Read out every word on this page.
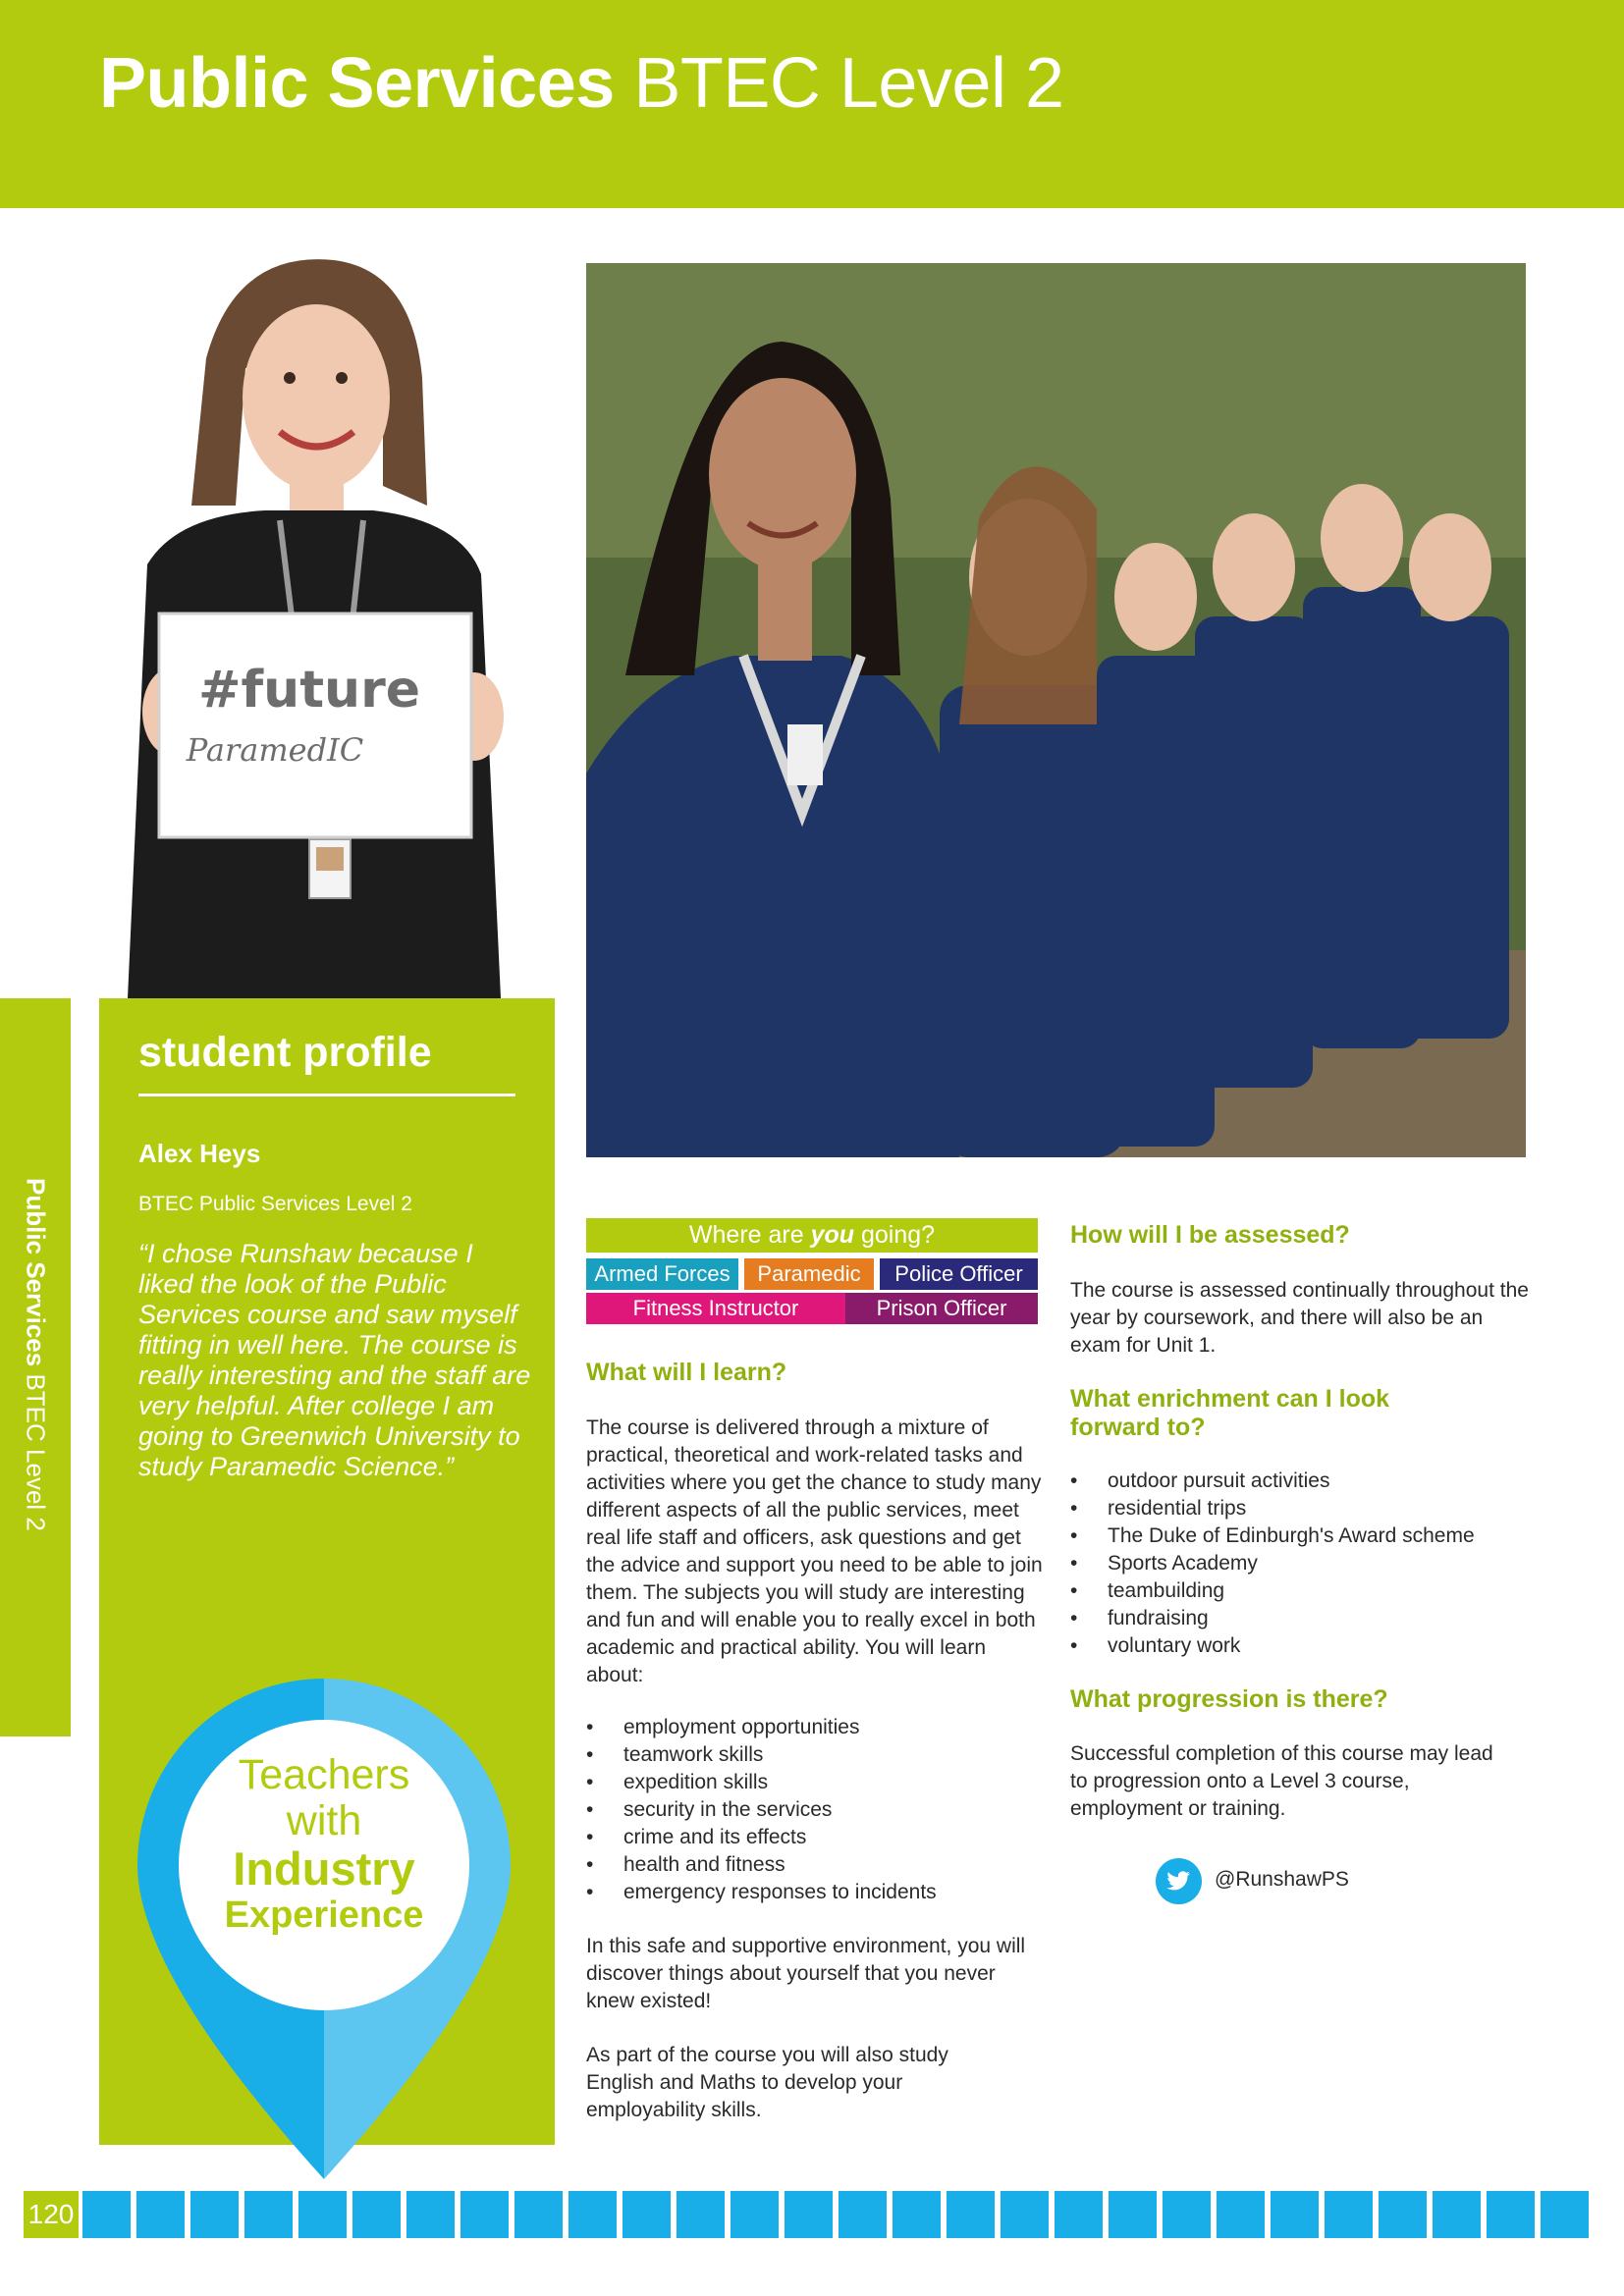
Public Services BTEC Level 2
#future
ParamedIC
Public Services BTEC Level 2
student profile
Alex Heys
BTEC Public Services Level 2
“I chose Runshaw because I liked the look of the Public Services course and saw myself fitting in well here. The course is really interesting and the staff are very helpful. After college I am going to Greenwich University to study Paramedic Science.”
Teachers
with
Industry
Experience
Where are you going?
Armed Forces	Paramedic	Police Officer
Fitness Instructor	Prison Officer
What will I learn?
The course is delivered through a mixture of practical, theoretical and work-related tasks and activities where you get the chance to study many different aspects of all the public services, meet real life staff and officers, ask questions and get the advice and support you need to be able to join them. The subjects you will study are interesting and fun and will enable you to really excel in both academic and practical ability. You will learn about:
• employment opportunities
• teamwork skills
• expedition skills
• security in the services
• crime and its effects
• health and fitness
• emergency responses to incidents
In this safe and supportive environment, you will discover things about yourself that you never knew existed!
As part of the course you will also study English and Maths to develop your employability skills.
How will I be assessed?
The course is assessed continually throughout the year by coursework, and there will also be an exam for Unit 1.
What enrichment can I look forward to?
• outdoor pursuit activities
• residential trips
• The Duke of Edinburgh's Award scheme
• Sports Academy
• teambuilding
• fundraising
• voluntary work
What progression is there?
Successful completion of this course may lead to progression onto a Level 3 course, employment or training.
@RunshawPS
120
